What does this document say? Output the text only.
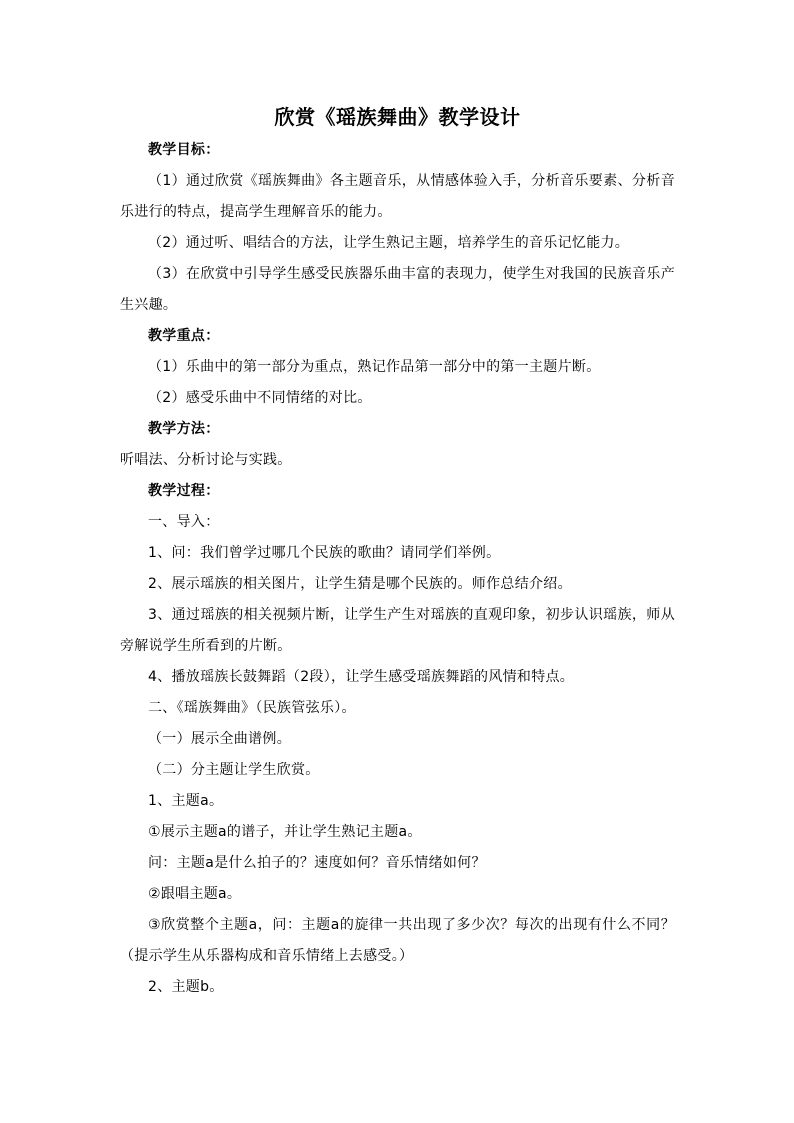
欣赏《瑶族舞曲》教学设计

教学目标：

（1）通过欣赏《瑶族舞曲》各主题音乐，从情感体验入手，分析音乐要素、分析音乐进行的特点，提高学生理解音乐的能力。

（2）通过听、唱结合的方法，让学生熟记主题，培养学生的音乐记忆能力。

（3）在欣赏中引导学生感受民族器乐曲丰富的表现力，使学生对我国的民族音乐产生兴趣。

教学重点：

（1）乐曲中的第一部分为重点，熟记作品第一部分中的第一主题片断。

（2）感受乐曲中不同情绪的对比。

教学方法：

听唱法、分析讨论与实践。

教学过程：

一、导入：

1、问：我们曾学过哪几个民族的歌曲？请同学们举例。

2、展示瑶族的相关图片，让学生猜是哪个民族的。师作总结介绍。

3、通过瑶族的相关视频片断，让学生产生对瑶族的直观印象，初步认识瑶族，师从旁解说学生所看到的片断。

4、播放瑶族长鼓舞蹈（2段），让学生感受瑶族舞蹈的风情和特点。

二、《瑶族舞曲》（民族管弦乐）。

（一）展示全曲谱例。

（二）分主题让学生欣赏。

1、主题a。

①展示主题a的谱子，并让学生熟记主题a。

问：主题a是什么拍子的？速度如何？音乐情绪如何？

②跟唱主题a。

③欣赏整个主题a，问：主题a的旋律一共出现了多少次？每次的出现有什么不同？（提示学生从乐器构成和音乐情绪上去感受。）

2、主题b。
